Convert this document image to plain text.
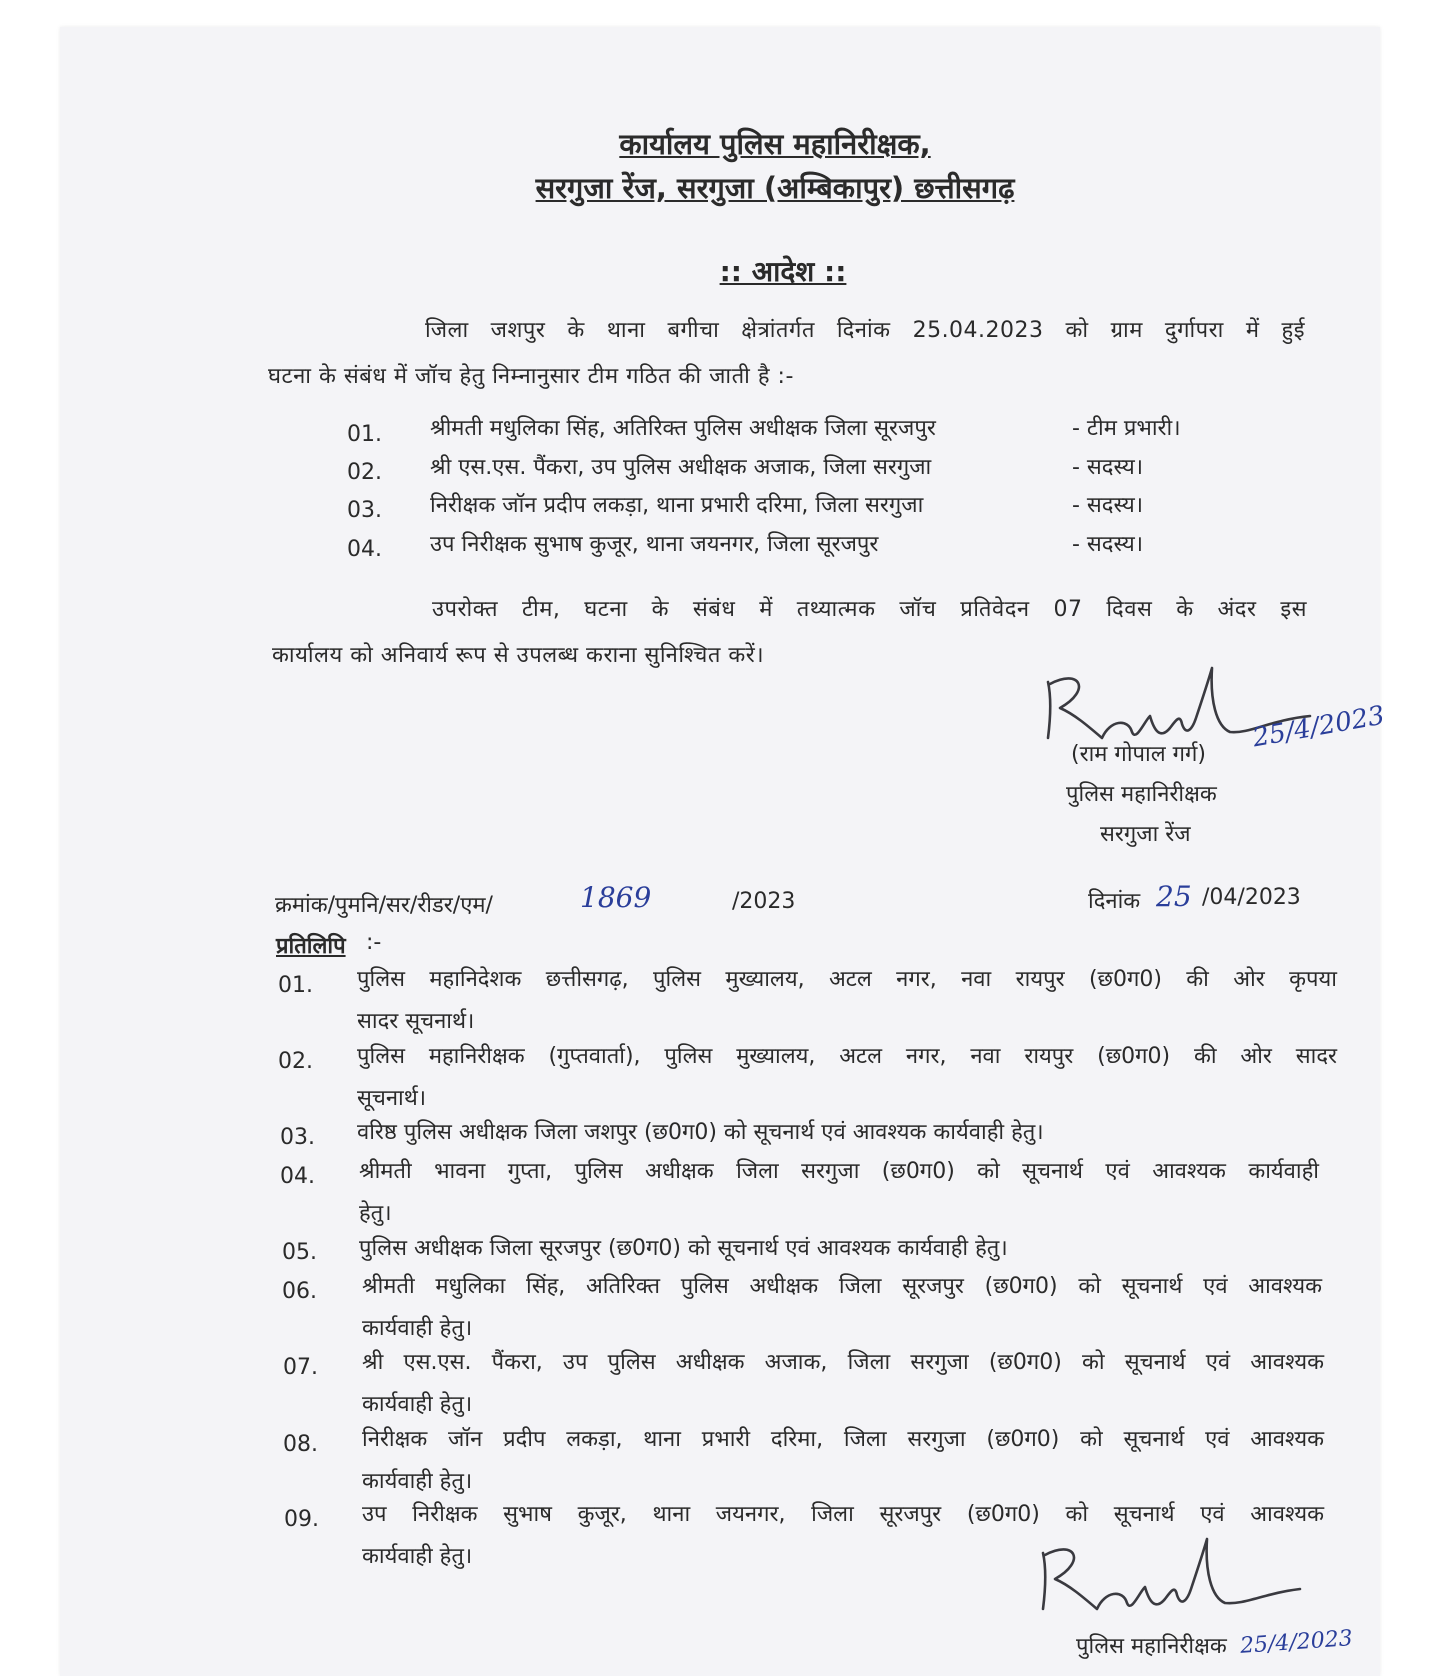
कार्यालय पुलिस महानिरीक्षक,
सरगुजा रेंज, सरगुजा (अम्बिकापुर) छत्तीसगढ़
:: आदेश ::
जिला जशपुर के थाना बगीचा क्षेत्रांतर्गत दिनांक 25.04.2023 को ग्राम दुर्गापरा में हुई
घटना के संबंध में जॉच हेतु निम्नानुसार टीम गठित की जाती है :-
01. श्रीमती मधुलिका सिंह, अतिरिक्त पुलिस अधीक्षक जिला सूरजपुर	- टीम प्रभारी।
02. श्री एस.एस. पैंकरा, उप पुलिस अधीक्षक अजाक, जिला सरगुजा	- सदस्य।
03. निरीक्षक जॉन प्रदीप लकड़ा, थाना प्रभारी दरिमा, जिला सरगुजा	- सदस्य।
04. उप निरीक्षक सुभाष कुजूर, थाना जयनगर, जिला सूरजपुर	- सदस्य।
उपरोक्त टीम, घटना के संबंध में तथ्यात्मक जॉच प्रतिवेदन 07 दिवस के अंदर इस
कार्यालय को अनिवार्य रूप से उपलब्ध कराना सुनिश्चित करें।
25/4/2023
(राम गोपाल गर्ग)
पुलिस महानिरीक्षक
सरगुजा रेंज
क्रमांक/पुमनि/सर/रीडर/एम/	1869	/2023	दिनांक 25 /04/2023
प्रतिलिपि :-
01. पुलिस महानिदेशक छत्तीसगढ़, पुलिस मुख्यालय, अटल नगर, नवा रायपुर (छ0ग0) की ओर कृपया
सादर सूचनार्थ।
02. पुलिस महानिरीक्षक (गुप्तवार्ता), पुलिस मुख्यालय, अटल नगर, नवा रायपुर (छ0ग0) की ओर सादर
सूचनार्थ।
03. वरिष्ठ पुलिस अधीक्षक जिला जशपुर (छ0ग0) को सूचनार्थ एवं आवश्यक कार्यवाही हेतु।
04. श्रीमती भावना गुप्ता, पुलिस अधीक्षक जिला सरगुजा (छ0ग0) को सूचनार्थ एवं आवश्यक कार्यवाही
हेतु।
05. पुलिस अधीक्षक जिला सूरजपुर (छ0ग0) को सूचनार्थ एवं आवश्यक कार्यवाही हेतु।
06. श्रीमती मधुलिका सिंह, अतिरिक्त पुलिस अधीक्षक जिला सूरजपुर (छ0ग0) को सूचनार्थ एवं आवश्यक
कार्यवाही हेतु।
07. श्री एस.एस. पैंकरा, उप पुलिस अधीक्षक अजाक, जिला सरगुजा (छ0ग0) को सूचनार्थ एवं आवश्यक
कार्यवाही हेतु।
08. निरीक्षक जॉन प्रदीप लकड़ा, थाना प्रभारी दरिमा, जिला सरगुजा (छ0ग0) को सूचनार्थ एवं आवश्यक
कार्यवाही हेतु।
09. उप निरीक्षक सुभाष कुजूर, थाना जयनगर, जिला सूरजपुर (छ0ग0) को सूचनार्थ एवं आवश्यक
कार्यवाही हेतु।
25/4/2023
पुलिस महानिरीक्षक
